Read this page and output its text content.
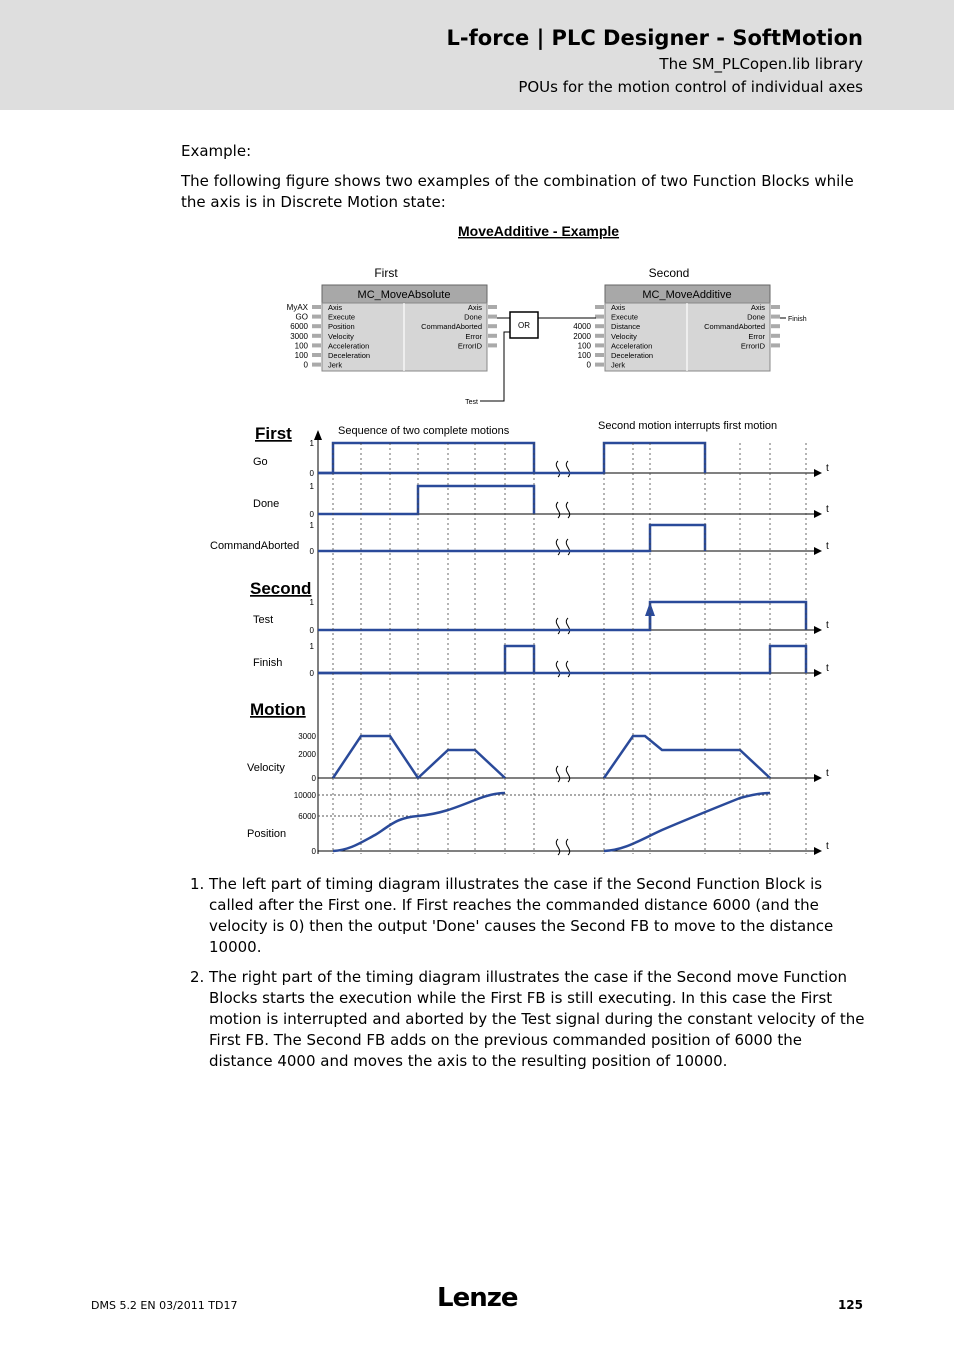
L-force | PLC Designer - SoftMotion
The SM_PLCopen.lib library
POUs for the motion control of individual axes
Example:
The following figure shows two examples of the combination of two Function Blocks while the axis is in Discrete Motion state:
MoveAdditive - Example
First
MC_MoveAbsolute
Axis
Execute
Position
Velocity
Acceleration
Deceleration
Jerk
Axis
Done
CommandAborted
Error
ErrorID
MyAX
GO
6000
3000
100
100
0
Second
MC_MoveAdditive
Axis
Execute
Distance
Velocity
Acceleration
Deceleration
Jerk
Axis
Done
CommandAborted
Error
ErrorID
4000
2000
100
100
0
OR
Test
Finish
First
Second
Motion
Sequence of two complete motions	Second motion interrupts first motion
Go
0
1
t
Done
0
1
t
CommandAborted 0
1
t
Test
0
1
t
Finish
0
1
t
Velocity
3000
2000
0	t
Position
10000
6000
0	t
1. The left part of timing diagram illustrates the case if the Second Function Block is called after the First one. If First reaches the commanded distance 6000 (and the velocity is 0) then the output 'Done' causes the Second FB to move to the distance 10000.
2. The right part of the timing diagram illustrates the case if the Second move Function Blocks starts the execution while the First FB is still executing. In this case the First motion is interrupted and aborted by the Test signal during the constant velocity of the First FB. The Second FB adds on the previous commanded position of 6000 the distance 4000 and moves the axis to the resulting position of 10000.
DMS 5.2 EN 03/2011 TD17	Lenze	125
